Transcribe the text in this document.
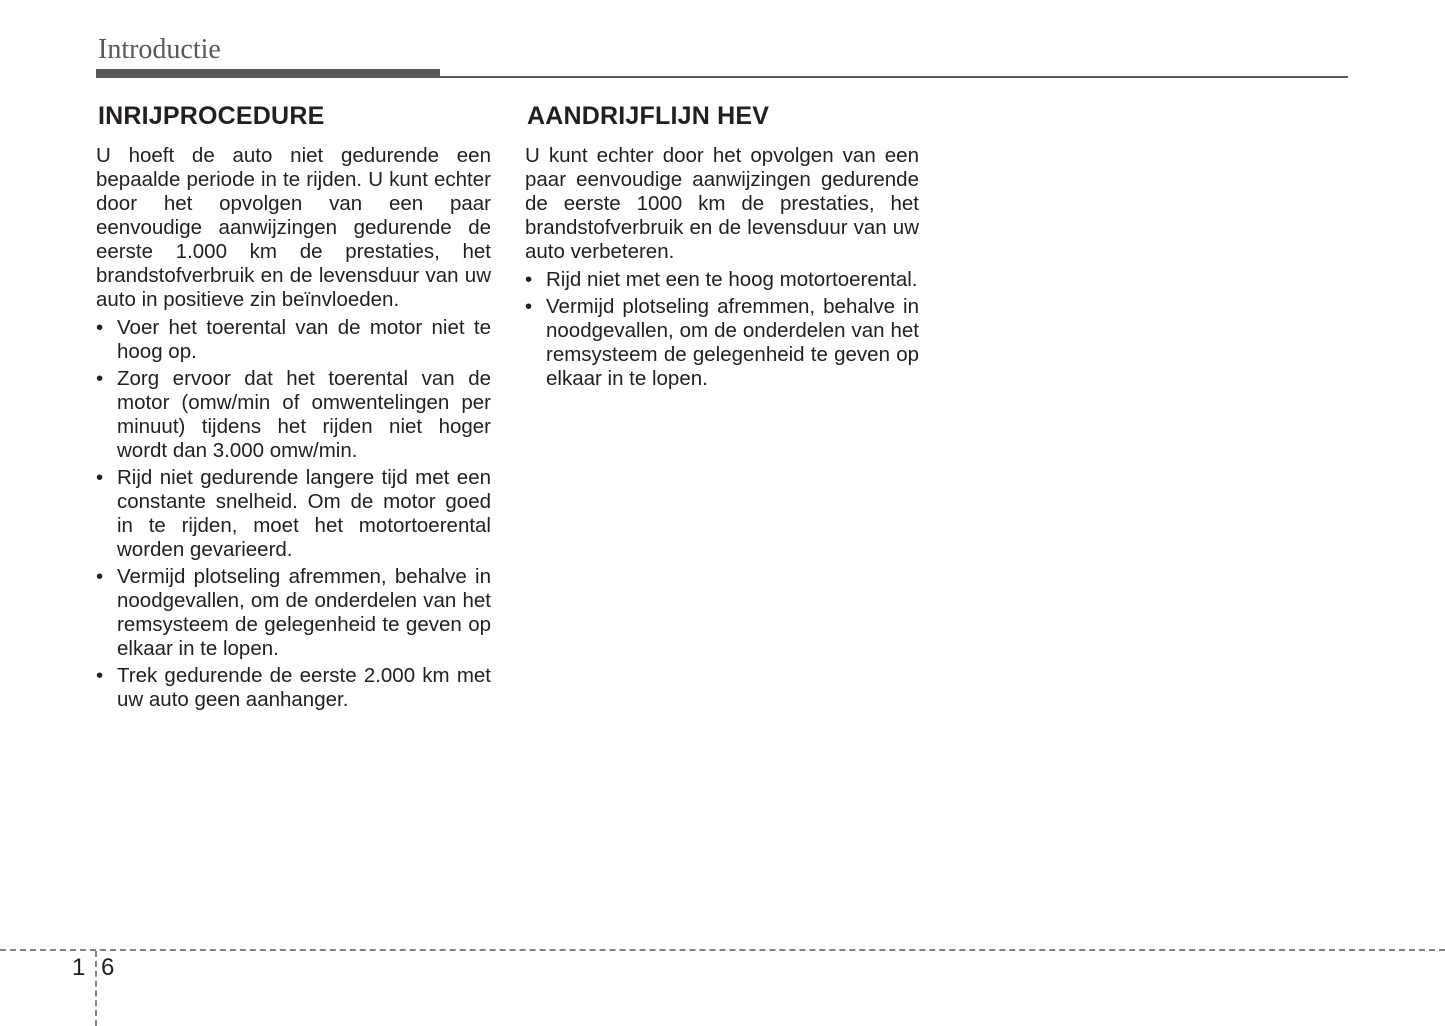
Introductie
INRIJPROCEDURE

U hoeft de auto niet gedurende een bepaalde periode in te rijden. U kunt echter door het opvolgen van een paar eenvoudige aanwijzingen gedurende de eerste 1.000 km de prestaties, het brandstofverbruik en de levensduur van uw auto in positieve zin beïnvloeden.

• Voer het toerental van de motor niet te hoog op.
• Zorg ervoor dat het toerental van de motor (omw/min of omwentelingen per minuut) tijdens het rijden niet hoger wordt dan 3.000 omw/min.
• Rijd niet gedurende langere tijd met een constante snelheid. Om de motor goed in te rijden, moet het motortoerental worden gevarieerd.
• Vermijd plotseling afremmen, behalve in noodgevallen, om de onderdelen van het remsysteem de gelegenheid te geven op elkaar in te lopen.
• Trek gedurende de eerste 2.000 km met uw auto geen aanhanger.
AANDRIJFLIJN HEV

U kunt echter door het opvolgen van een paar eenvoudige aanwijzingen gedurende de eerste 1000 km de prestaties, het brandstofverbruik en de levensduur van uw auto verbeteren.

• Rijd niet met een te hoog motortoerental.
• Vermijd plotseling afremmen, behalve in noodgevallen, om de onderdelen van het remsysteem de gelegenheid te geven op elkaar in te lopen.
1 6
